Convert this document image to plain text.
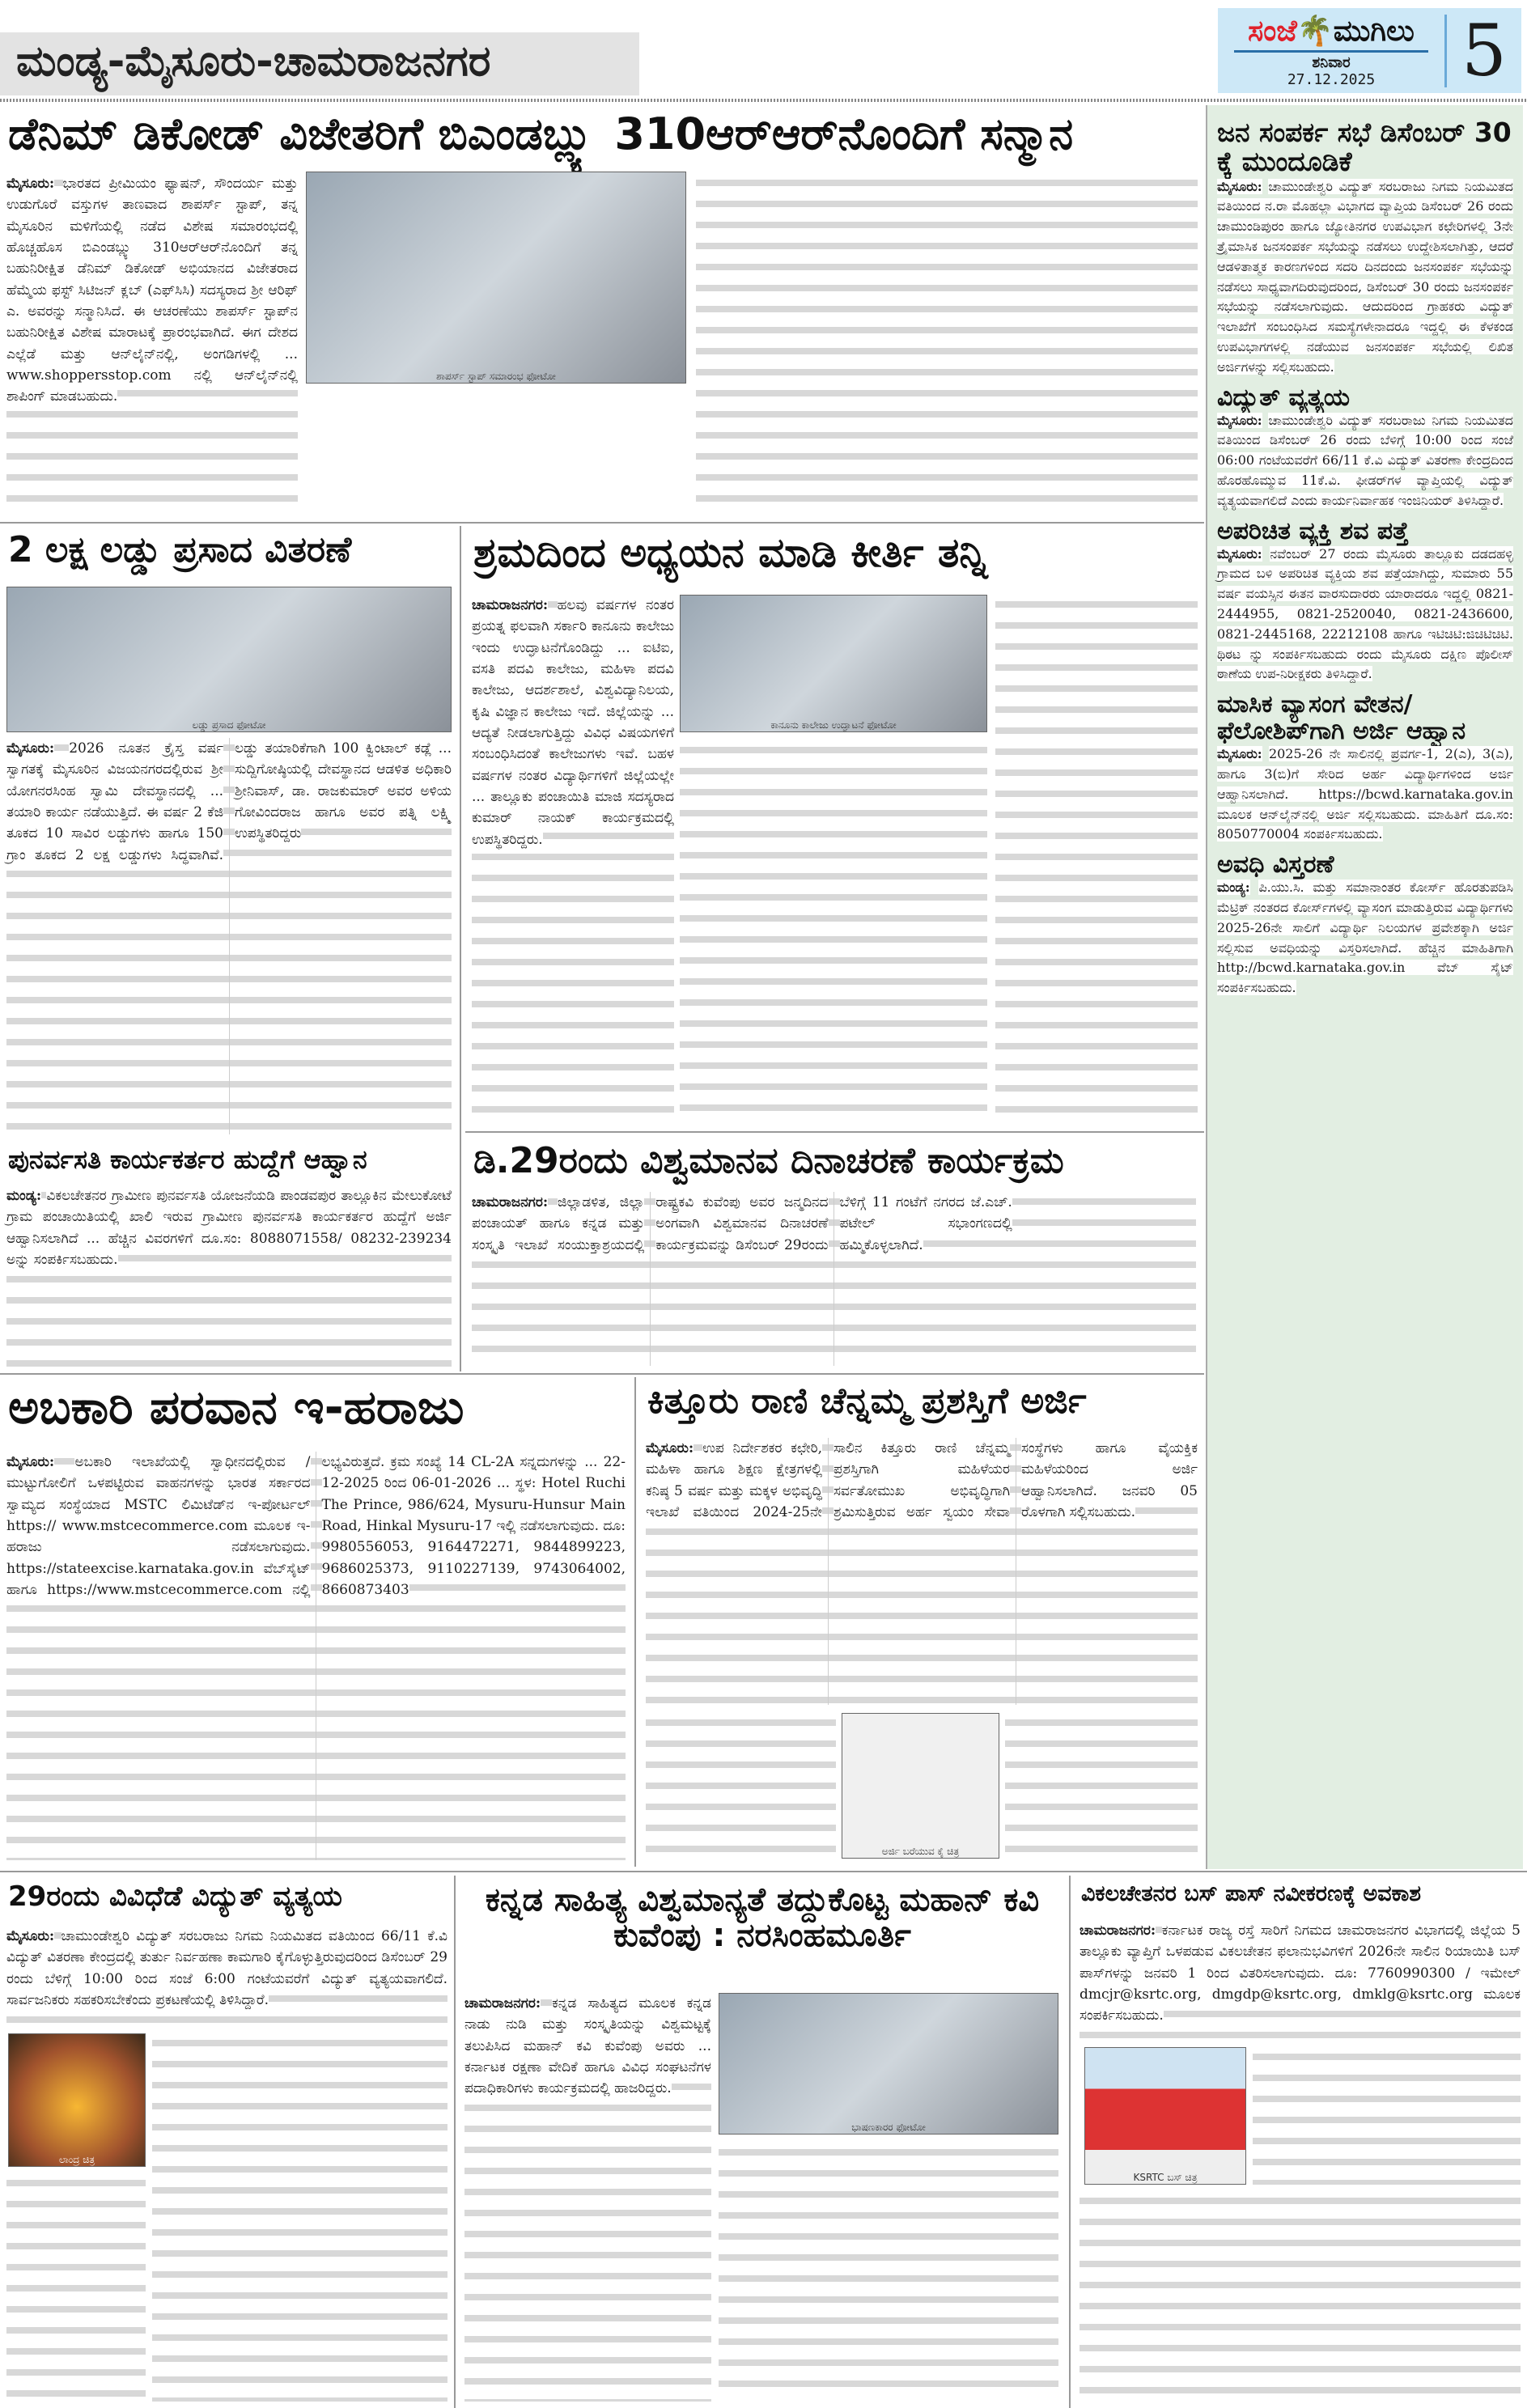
ಮಂಡ್ಯ-ಮೈಸೂರು-ಚಾಮರಾಜನಗರ
ಸಂಜೆ🌴ಮುಗಿಲು
ಶನಿವಾರ
27.12.2025	5
ಡೆನಿಮ್ ಡಿಕೋಡ್ ವಿಜೇತರಿಗೆ ಬಿಎಂಡಬ್ಲ್ಯು 310ಆರ್‌ಆರ್‌ನೊಂದಿಗೆ ಸನ್ಮಾನ
ಶಾಪರ್ಸ್ ಸ್ಟಾಪ್ ಸಮಾರಂಭ ಫೋಟೋ
ಮೈಸೂರು: ಭಾರತದ ಪ್ರೀಮಿಯಂ ಫ್ಯಾಷನ್, ಸೌಂದರ್ಯ ಮತ್ತು ಉಡುಗೊರೆ ವಸ್ತುಗಳ ತಾಣವಾದ ಶಾಪರ್ಸ್ ಸ್ಟಾಪ್, ತನ್ನ ಮೈಸೂರಿನ ಮಳಿಗೆಯಲ್ಲಿ ನಡೆದ ವಿಶೇಷ ಸಮಾರಂಭದಲ್ಲಿ ಹೊಚ್ಚಹೊಸ ಬಿಎಂಡಬ್ಲ್ಯು 310ಆರ್‌ಆರ್‌ನೊಂದಿಗೆ ತನ್ನ ಬಹುನಿರೀಕ್ಷಿತ ಡೆನಿಮ್ ಡಿಕೋಡ್ ಅಭಿಯಾನದ ವಿಜೇತರಾದ ಹೆಮ್ಮೆಯ ಫಸ್ಟ್ ಸಿಟಿಜನ್ ಕ್ಲಬ್ (ಎಫ್‌ಸಿಸಿ) ಸದಸ್ಯರಾದ ಶ್ರೀ ಆರಿಫ್ ಎ. ಅವರನ್ನು ಸನ್ಮಾನಿಸಿದೆ. ಈ ಆಚರಣೆಯು ಶಾಪರ್ಸ್ ಸ್ಟಾಪ್‌ನ ಬಹುನಿರೀಕ್ಷಿತ ವಿಶೇಷ ಮಾರಾಟಕ್ಕೆ ಪ್ರಾರಂಭವಾಗಿದೆ. ಈಗ ದೇಶದ ಎಲ್ಲೆಡೆ ಮತ್ತು ಆನ್‌ಲೈನ್‌ನಲ್ಲಿ, ಅಂಗಡಿಗಳಲ್ಲಿ ... www.shoppersstop.com ನಲ್ಲಿ ಆನ್‌ಲೈನ್‌ನಲ್ಲಿ ಶಾಪಿಂಗ್ ಮಾಡಬಹುದು.
2 ಲಕ್ಷ ಲಡ್ಡು ಪ್ರಸಾದ ವಿತರಣೆ
ಲಡ್ಡು ಪ್ರಸಾದ ಫೋಟೋ
ಮೈಸೂರು: 2026 ನೂತನ ಕ್ರೈಸ್ತ ವರ್ಷ ಸ್ವಾಗತಕ್ಕೆ ಮೈಸೂರಿನ ವಿಜಯನಗರದಲ್ಲಿರುವ ಶ್ರೀ ಯೋಗನರಸಿಂಹ ಸ್ವಾಮಿ ದೇವಸ್ಥಾನದಲ್ಲಿ ... ತಯಾರಿ ಕಾರ್ಯ ನಡೆಯುತ್ತಿದೆ. ಈ ವರ್ಷ 2 ಕೆಜಿ ತೂಕದ 10 ಸಾವಿರ ಲಡ್ಡುಗಳು ಹಾಗೂ 150 ಗ್ರಾಂ ತೂಕದ 2 ಲಕ್ಷ ಲಡ್ಡುಗಳು ಸಿದ್ಧವಾಗಿವೆ. ಲಡ್ಡು ತಯಾರಿಕೆಗಾಗಿ 100 ಕ್ವಿಂಟಾಲ್ ಕಡ್ಲೆ ... ಸುದ್ದಿಗೋಷ್ಠಿಯಲ್ಲಿ ದೇವಸ್ಥಾನದ ಆಡಳಿತ ಅಧಿಕಾರಿ ಶ್ರೀನಿವಾಸ್, ಡಾ. ರಾಜಕುಮಾರ್ ಅವರ ಅಳಿಯ ಗೋವಿಂದರಾಜ ಹಾಗೂ ಅವರ ಪತ್ನಿ ಲಕ್ಷ್ಮಿ ಉಪಸ್ಥಿತರಿದ್ದರು
ಶ್ರಮದಿಂದ ಅಧ್ಯಯನ ಮಾಡಿ ಕೀರ್ತಿ ತನ್ನಿ
ಕಾನೂನು ಕಾಲೇಜು ಉದ್ಘಾಟನೆ ಫೋಟೋ
ಚಾಮರಾಜನಗರ: ಹಲವು ವರ್ಷಗಳ ನಂತರ ಪ್ರಯತ್ನ ಫಲವಾಗಿ ಸರ್ಕಾರಿ ಕಾನೂನು ಕಾಲೇಜು ಇಂದು ಉದ್ಘಾಟನೆಗೊಂಡಿದ್ದು ... ಐಟಿಐ, ವಸತಿ ಪದವಿ ಕಾಲೇಜು, ಮಹಿಳಾ ಪದವಿ ಕಾಲೇಜು, ಆದರ್ಶಶಾಲೆ, ವಿಶ್ವವಿದ್ಯಾನಿಲಯ, ಕೃಷಿ ವಿಜ್ಞಾನ ಕಾಲೇಜು ಇದೆ. ಜಿಲ್ಲೆಯನ್ನು ... ಆದ್ಯತೆ ನೀಡಲಾಗುತ್ತಿದ್ದು ವಿವಿಧ ವಿಷಯಗಳಿಗೆ ಸಂಬಂಧಿಸಿದಂತೆ ಕಾಲೇಜುಗಳು ಇವೆ. ಬಹಳ ವರ್ಷಗಳ ನಂತರ ವಿದ್ಯಾರ್ಥಿಗಳಿಗೆ ಜಿಲ್ಲೆಯಲ್ಲೇ ... ತಾಲ್ಲೂಕು ಪಂಚಾಯಿತಿ ಮಾಜಿ ಸದಸ್ಯರಾದ ಕುಮಾರ್ ನಾಯಕ್ ಕಾರ್ಯಕ್ರಮದಲ್ಲಿ ಉಪಸ್ಥಿತರಿದ್ದರು.
ಪುನರ್ವಸತಿ ಕಾರ್ಯಕರ್ತರ ಹುದ್ದೆಗೆ ಆಹ್ವಾನ
ಮಂಡ್ಯ: ವಿಕಲಚೇತನರ ಗ್ರಾಮೀಣ ಪುನರ್ವಸತಿ ಯೋಜನೆಯಡಿ ಪಾಂಡವಪುರ ತಾಲ್ಲೂಕಿನ ಮೇಲುಕೋಟೆ ಗ್ರಾಮ ಪಂಚಾಯಿತಿಯಲ್ಲಿ ಖಾಲಿ ಇರುವ ಗ್ರಾಮೀಣ ಪುನರ್ವಸತಿ ಕಾರ್ಯಕರ್ತರ ಹುದ್ದೆಗೆ ಅರ್ಜಿ ಆಹ್ವಾನಿಸಲಾಗಿದೆ ... ಹೆಚ್ಚಿನ ವಿವರಗಳಿಗೆ ದೂ.ಸಂ: 8088071558/ 08232-239234 ಅನ್ನು ಸಂಪರ್ಕಿಸಬಹುದು.
ಡಿ.29ರಂದು ವಿಶ್ವಮಾನವ ದಿನಾಚರಣೆ ಕಾರ್ಯಕ್ರಮ
ಚಾಮರಾಜನಗರ: ಜಿಲ್ಲಾಡಳಿತ, ಜಿಲ್ಲಾ ಪಂಚಾಯತ್ ಹಾಗೂ ಕನ್ನಡ ಮತ್ತು ಸಂಸ್ಕೃತಿ ಇಲಾಖೆ ಸಂಯುಕ್ತಾಶ್ರಯದಲ್ಲಿ ರಾಷ್ಟ್ರಕವಿ ಕುವೆಂಪು ಅವರ ಜನ್ಮದಿನದ ಅಂಗವಾಗಿ ವಿಶ್ವಮಾನವ ದಿನಾಚರಣೆ ಕಾರ್ಯಕ್ರಮವನ್ನು ಡಿಸೆಂಬರ್ 29ರಂದು ಬೆಳಿಗ್ಗೆ 11 ಗಂಟೆಗೆ ನಗರದ ಜೆ.ಎಚ್. ಪಟೇಲ್ ಸಭಾಂಗಣದಲ್ಲಿ ಹಮ್ಮಿಕೊಳ್ಳಲಾಗಿದೆ.
ಅಬಕಾರಿ ಪರವಾನ ಇ-ಹರಾಜು
ಮೈಸೂರು: ಅಬಕಾರಿ ಇಲಾಖೆಯಲ್ಲಿ ಸ್ವಾಧೀನದಲ್ಲಿರುವ / ಮುಟ್ಟುಗೋಲಿಗೆ ಒಳಪಟ್ಟಿರುವ ವಾಹನಗಳನ್ನು ಭಾರತ ಸರ್ಕಾರದ ಸ್ವಾಮ್ಯದ ಸಂಸ್ಥೆಯಾದ MSTC ಲಿಮಿಟೆಡ್‌ನ ಇ-ಪೋರ್ಟಲ್ https:// www.mstcecommerce.com ಮೂಲಕ ಇ-ಹರಾಜು ನಡೆಸಲಾಗುವುದು. https://stateexcise.karnataka.gov.in ವೆಬ್‌ಸೈಟ್ ಹಾಗೂ https://www.mstcecommerce.com ನಲ್ಲಿ ಲಭ್ಯವಿರುತ್ತದೆ. ಕ್ರಮ ಸಂಖ್ಯೆ 14 CL-2A ಸನ್ನದುಗಳನ್ನು ... 22-12-2025 ರಿಂದ 06-01-2026 ... ಸ್ಥಳ: Hotel Ruchi The Prince, 986/624, Mysuru-Hunsur Main Road, Hinkal Mysuru-17 ಇಲ್ಲಿ ನಡೆಸಲಾಗುವುದು. ದೂ: 9980556053, 9164472271, 9844899223, 9686025373, 9110227139, 9743064002, 8660873403
ಕಿತ್ತೂರು ರಾಣಿ ಚೆನ್ನಮ್ಮ ಪ್ರಶಸ್ತಿಗೆ ಅರ್ಜಿ
ಮೈಸೂರು: ಉಪ ನಿರ್ದೇಶಕರ ಕಛೇರಿ, ಮಹಿಳಾ ಹಾಗೂ ಶಿಕ್ಷಣ ಕ್ಷೇತ್ರಗಳಲ್ಲಿ ಕನಿಷ್ಠ 5 ವರ್ಷ ಮತ್ತು ಮಕ್ಕಳ ಅಭಿವೃದ್ಧಿ ಇಲಾಖೆ ವತಿಯಿಂದ 2024-25ನೇ ಸಾಲಿನ ಕಿತ್ತೂರು ರಾಣಿ ಚೆನ್ನಮ್ಮ ಪ್ರಶಸ್ತಿಗಾಗಿ ಮಹಿಳೆಯರ ಸರ್ವತೋಮುಖ ಅಭಿವೃದ್ಧಿಗಾಗಿ ಶ್ರಮಿಸುತ್ತಿರುವ ಅರ್ಹ ಸ್ವಯಂ ಸೇವಾ ಸಂಸ್ಥೆಗಳು ಹಾಗೂ ವೈಯಕ್ತಿಕ ಮಹಿಳೆಯರಿಂದ ಅರ್ಜಿ ಆಹ್ವಾನಿಸಲಾಗಿದೆ. ಜನವರಿ 05 ರೊಳಗಾಗಿ ಸಲ್ಲಿಸಬಹುದು.
ಅರ್ಜಿ ಬರೆಯುವ ಕೈ ಚಿತ್ರ
ಜನ ಸಂಪರ್ಕ ಸಭೆ ಡಿಸೆಂಬರ್ 30 ಕ್ಕೆ ಮುಂದೂಡಿಕೆ
ಮೈಸೂರು: ಚಾಮುಂಡೇಶ್ವರಿ ವಿದ್ಯುತ್ ಸರಬರಾಜು ನಿಗಮ ನಿಯಮಿತದ ವತಿಯಿಂದ ನ.ರಾ ಮೊಹಲ್ಲಾ ವಿಭಾಗದ ವ್ಯಾಪ್ತಿಯ ಡಿಸೆಂಬರ್ 26 ರಂದು ಚಾಮುಂಡಿಪುರಂ ಹಾಗೂ ಜ್ಯೋತಿನಗರ ಉಪವಿಭಾಗ ಕಛೇರಿಗಳಲ್ಲಿ 3ನೇ ತ್ರೈಮಾಸಿಕ ಜನಸಂಪರ್ಕ ಸಭೆಯನ್ನು ನಡೆಸಲು ಉದ್ದೇಶಿಸಲಾಗಿತ್ತು, ಆದರೆ ಆಡಳಿತಾತ್ಮಕ ಕಾರಣಗಳಿಂದ ಸದರಿ ದಿನದಂದು ಜನಸಂಪರ್ಕ ಸಭೆಯನ್ನು ನಡೆಸಲು ಸಾಧ್ಯವಾಗದಿರುವುದರಿಂದ, ಡಿಸೆಂಬರ್ 30 ರಂದು ಜನಸಂಪರ್ಕ ಸಭೆಯನ್ನು ನಡೆಸಲಾಗುವುದು. ಆದುದರಿಂದ ಗ್ರಾಹಕರು ವಿದ್ಯುತ್ ಇಲಾಖೆಗೆ ಸಂಬಂಧಿಸಿದ ಸಮಸ್ಯೆಗಳೇನಾದರೂ ಇದ್ದಲ್ಲಿ ಈ ಕೆಳಕಂಡ ಉಪವಿಭಾಗಗಳಲ್ಲಿ ನಡೆಯುವ ಜನಸಂಪರ್ಕ ಸಭೆಯಲ್ಲಿ ಲಿಖಿತ ಅರ್ಜಿಗಳನ್ನು ಸಲ್ಲಿಸಬಹುದು.
ವಿದ್ಯುತ್ ವ್ಯತ್ಯಯ
ಮೈಸೂರು: ಚಾಮುಂಡೇಶ್ವರಿ ವಿದ್ಯುತ್ ಸರಬರಾಜು ನಿಗಮ ನಿಯಮಿತದ ವತಿಯಿಂದ ಡಿಸೆಂಬರ್ 26 ರಂದು ಬೆಳಿಗ್ಗೆ 10:00 ರಿಂದ ಸಂಜೆ 06:00 ಗಂಟೆಯವರೆಗೆ 66/11 ಕೆ.ವಿ ವಿದ್ಯುತ್ ವಿತರಣಾ ಕೇಂದ್ರದಿಂದ ಹೊರಹೊಮ್ಮುವ 11ಕೆ.ವಿ. ಫೀಡರ್‌ಗಳ ವ್ಯಾಪ್ತಿಯಲ್ಲಿ ವಿದ್ಯುತ್ ವ್ಯತ್ಯಯವಾಗಲಿದೆ ಎಂದು ಕಾರ್ಯನಿರ್ವಾಹಕ ಇಂಜಿನಿಯರ್ ತಿಳಿಸಿದ್ದಾರೆ.
ಅಪರಿಚಿತ ವ್ಯಕ್ತಿ ಶವ ಪತ್ತೆ
ಮೈಸೂರು: ನವೆಂಬರ್ 27 ರಂದು ಮೈಸೂರು ತಾಲ್ಲೂಕು ದಡದಹಳ್ಳಿ ಗ್ರಾಮದ ಬಳಿ ಅಪರಿಚಿತ ವ್ಯಕ್ತಿಯ ಶವ ಪತ್ತೆಯಾಗಿದ್ದು, ಸುಮಾರು 55 ವರ್ಷ ವಯಸ್ಸಿನ ಈತನ ವಾರಸುದಾರರು ಯಾರಾದರೂ ಇದ್ದಲ್ಲಿ 0821-2444955, 0821-2520040, 0821-2436600, 0821-2445168, 22212108 ಹಾಗೂ ಇಟಿಚಿಟಿ:ಜಿಚಿಟಿಚಿಟಿ. ಥಿಠಟ ನ್ನು ಸಂಪರ್ಕಿಸಬಹುದು ರಂದು ಮೈಸೂರು ದಕ್ಷಿಣ ಪೊಲೀಸ್ ಠಾಣೆಯ ಉಪ-ನಿರೀಕ್ಷಕರು ತಿಳಿಸಿದ್ದಾರೆ.
ಮಾಸಿಕ ವ್ಯಾಸಂಗ ವೇತನ/ ಫೆಲೋಶಿಪ್‌ಗಾಗಿ ಅರ್ಜಿ ಆಹ್ವಾನ
ಮೈಸೂರು: 2025-26 ನೇ ಸಾಲಿನಲ್ಲಿ ಪ್ರವರ್ಗ-1, 2(ಎ), 3(ಎ), ಹಾಗೂ 3(ಬಿ)ಗೆ ಸೇರಿದ ಅರ್ಹ ವಿದ್ಯಾರ್ಥಿಗಳಿಂದ ಅರ್ಜಿ ಆಹ್ವಾನಿಸಲಾಗಿದೆ. https://bcwd.karnataka.gov.in ಮೂಲಕ ಆನ್‌ಲೈನ್‌ನಲ್ಲಿ ಅರ್ಜಿ ಸಲ್ಲಿಸಬಹುದು. ಮಾಹಿತಿಗೆ ದೂ.ಸಂ: 8050770004 ಸಂಪರ್ಕಿಸಬಹುದು.
ಅವಧಿ ವಿಸ್ತರಣೆ
ಮಂಡ್ಯ: ಪಿ.ಯು.ಸಿ. ಮತ್ತು ಸಮಾನಾಂತರ ಕೋರ್ಸ್ ಹೊರತುಪಡಿಸಿ ಮೆಟ್ರಿಕ್ ನಂತರದ ಕೋರ್ಸ್‌ಗಳಲ್ಲಿ ವ್ಯಾಸಂಗ ಮಾಡುತ್ತಿರುವ ವಿದ್ಯಾರ್ಥಿಗಳು 2025-26ನೇ ಸಾಲಿಗೆ ವಿದ್ಯಾರ್ಥಿ ನಿಲಯಗಳ ಪ್ರವೇಶಕ್ಕಾಗಿ ಅರ್ಜಿ ಸಲ್ಲಿಸುವ ಅವಧಿಯನ್ನು ವಿಸ್ತರಿಸಲಾಗಿದೆ. ಹೆಚ್ಚಿನ ಮಾಹಿತಿಗಾಗಿ http://bcwd.karnataka.gov.in ವೆಬ್ ಸೈಟ್ ಸಂಪರ್ಕಿಸಬಹುದು.
29ರಂದು ವಿವಿಧೆಡೆ ವಿದ್ಯುತ್ ವ್ಯತ್ಯಯ
ಮೈಸೂರು: ಚಾಮುಂಡೇಶ್ವರಿ ವಿದ್ಯುತ್ ಸರಬರಾಜು ನಿಗಮ ನಿಯಮಿತದ ವತಿಯಿಂದ 66/11 ಕೆ.ವಿ ವಿದ್ಯುತ್ ವಿತರಣಾ ಕೇಂದ್ರದಲ್ಲಿ ತುರ್ತು ನಿರ್ವಹಣಾ ಕಾಮಗಾರಿ ಕೈಗೊಳ್ಳುತ್ತಿರುವುದರಿಂದ ಡಿಸೆಂಬರ್ 29 ರಂದು ಬೆಳಿಗ್ಗೆ 10:00 ರಿಂದ ಸಂಜೆ 6:00 ಗಂಟೆಯವರೆಗೆ ವಿದ್ಯುತ್ ವ್ಯತ್ಯಯವಾಗಲಿದೆ. ಸಾರ್ವಜನಿಕರು ಸಹಕರಿಸಬೇಕೆಂದು ಪ್ರಕಟಣೆಯಲ್ಲಿ ತಿಳಿಸಿದ್ದಾರೆ.
ಲಾಂದ್ರ ಚಿತ್ರ
ಕನ್ನಡ ಸಾಹಿತ್ಯ ವಿಶ್ವಮಾನ್ಯತೆ ತದ್ದುಕೊಟ್ಟ ಮಹಾನ್ ಕವಿ ಕುವೆಂಪು : ನರಸಿಂಹಮೂರ್ತಿ
ಭಾಷಣಕಾರರ ಫೋಟೋ
ಚಾಮರಾಜನಗರ: ಕನ್ನಡ ಸಾಹಿತ್ಯದ ಮೂಲಕ ಕನ್ನಡ ನಾಡು ನುಡಿ ಮತ್ತು ಸಂಸ್ಕೃತಿಯನ್ನು ವಿಶ್ವಮಟ್ಟಕ್ಕೆ ತಲುಪಿಸಿದ ಮಹಾನ್ ಕವಿ ಕುವೆಂಪು ಅವರು ... ಕರ್ನಾಟಕ ರಕ್ಷಣಾ ವೇದಿಕೆ ಹಾಗೂ ವಿವಿಧ ಸಂಘಟನೆಗಳ ಪದಾಧಿಕಾರಿಗಳು ಕಾರ್ಯಕ್ರಮದಲ್ಲಿ ಹಾಜರಿದ್ದರು.
ವಿಕಲಚೇತನರ ಬಸ್ ಪಾಸ್ ನವೀಕರಣಕ್ಕೆ ಅವಕಾಶ
ಚಾಮರಾಜನಗರ: ಕರ್ನಾಟಕ ರಾಜ್ಯ ರಸ್ತೆ ಸಾರಿಗೆ ನಿಗಮದ ಚಾಮರಾಜನಗರ ವಿಭಾಗದಲ್ಲಿ ಜಿಲ್ಲೆಯ 5 ತಾಲ್ಲೂಕು ವ್ಯಾಪ್ತಿಗೆ ಒಳಪಡುವ ವಿಕಲಚೇತನ ಫಲಾನುಭವಿಗಳಿಗೆ 2026ನೇ ಸಾಲಿನ ರಿಯಾಯಿತಿ ಬಸ್ ಪಾಸ್‌ಗಳನ್ನು ಜನವರಿ 1 ರಿಂದ ವಿತರಿಸಲಾಗುವುದು. ದೂ: 7760990300 / ಇಮೇಲ್ dmcjr@ksrtc.org, dmgdp@ksrtc.org, dmklg@ksrtc.org ಮೂಲಕ ಸಂಪರ್ಕಿಸಬಹುದು.
KSRTC ಬಸ್ ಚಿತ್ರ
